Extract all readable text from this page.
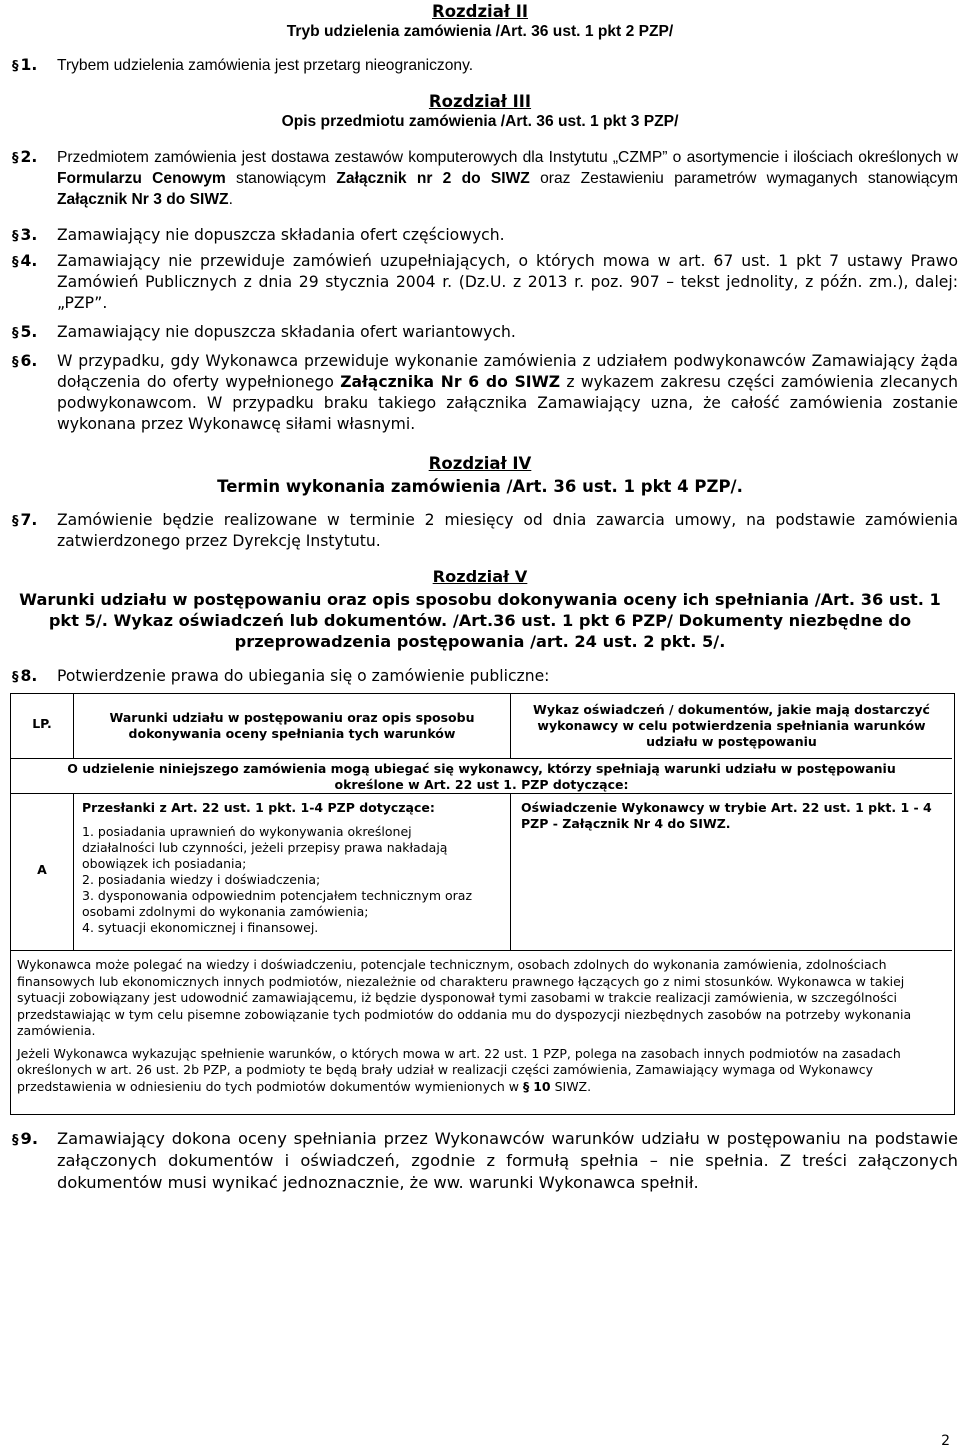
Rozdział II
Tryb udzielenia zamówienia /Art. 36 ust. 1 pkt 2 PZP/
§ 1. Trybem udzielenia zamówienia jest przetarg nieograniczony.
Rozdział III
Opis przedmiotu zamówienia /Art. 36 ust. 1 pkt 3 PZP/
§ 2. Przedmiotem zamówienia jest dostawa zestawów komputerowych dla Instytutu „CZMP” o asortymencie i ilościach określonych w Formularzu Cenowym stanowiącym Załącznik nr 2 do SIWZ oraz Zestawieniu parametrów wymaganych stanowiącym Załącznik Nr 3 do SIWZ.
§ 3. Zamawiający nie dopuszcza składania ofert częściowych.
§ 4. Zamawiający nie przewiduje zamówień uzupełniających, o których mowa w art. 67 ust. 1 pkt 7 ustawy Prawo Zamówień Publicznych z dnia 29 stycznia 2004 r. (Dz.U. z 2013 r. poz. 907 – tekst jednolity, z późn. zm.), dalej: „PZP”.
§ 5. Zamawiający nie dopuszcza składania ofert wariantowych.
§ 6. W przypadku, gdy Wykonawca przewiduje wykonanie zamówienia z udziałem podwykonawców Zamawiający żąda dołączenia do oferty wypełnionego Załącznika Nr 6 do SIWZ z wykazem zakresu części zamówienia zlecanych podwykonawcom. W przypadku braku takiego załącznika Zamawiający uzna, że całość zamówienia zostanie wykonana przez Wykonawcę siłami własnymi.
Rozdział IV
Termin wykonania zamówienia /Art. 36 ust. 1 pkt 4 PZP/.
§ 7. Zamówienie będzie realizowane w terminie 2 miesięcy od dnia zawarcia umowy, na podstawie zamówienia zatwierdzonego przez Dyrekcję Instytutu.
Rozdział V
Warunki udziału w postępowaniu oraz opis sposobu dokonywania oceny ich spełniania /Art. 36 ust. 1 pkt 5/. Wykaz oświadczeń lub dokumentów. /Art.36 ust. 1 pkt 6 PZP/ Dokumenty niezbędne do przeprowadzenia postępowania /art. 24 ust. 2 pkt. 5/.
§ 8. Potwierdzenie prawa do ubiegania się o zamówienie publiczne:
LP.	Warunki udziału w postępowaniu oraz opis sposobu dokonywania oceny spełniania tych warunków
Wykaz oświadczeń / dokumentów, jakie mają dostarczyć wykonawcy w celu potwierdzenia spełniania warunków udziału w postępowaniu
O udzielenie niniejszego zamówienia mogą ubiegać się wykonawcy, którzy spełniają warunki udziału w postępowaniu określone w Art. 22 ust 1. PZP dotyczące:
A
Przesłanki z Art. 22 ust. 1 pkt. 1-4 PZP dotyczące:
1. posiadania uprawnień do wykonywania określonej działalności lub czynności, jeżeli przepisy prawa nakładają obowiązek ich posiadania;
2. posiadania wiedzy i doświadczenia;
3. dysponowania odpowiednim potencjałem technicznym oraz osobami zdolnymi do wykonania zamówienia;
4. sytuacji ekonomicznej i finansowej.
Oświadczenie Wykonawcy w trybie Art. 22 ust. 1 pkt. 1 - 4 PZP - Załącznik Nr 4 do SIWZ.
Wykonawca może polegać na wiedzy i doświadczeniu, potencjale technicznym, osobach zdolnych do wykonania zamówienia, zdolnościach finansowych lub ekonomicznych innych podmiotów, niezależnie od charakteru prawnego łączących go z nimi stosunków. Wykonawca w takiej sytuacji zobowiązany jest udowodnić zamawiającemu, iż będzie dysponował tymi zasobami w trakcie realizacji zamówienia, w szczególności przedstawiając w tym celu pisemne zobowiązanie tych podmiotów do oddania mu do dyspozycji niezbędnych zasobów na potrzeby wykonania zamówienia.
Jeżeli Wykonawca wykazując spełnienie warunków, o których mowa w art. 22 ust. 1 PZP, polega na zasobach innych podmiotów na zasadach określonych w art. 26 ust. 2b PZP, a podmioty te będą brały udział w realizacji części zamówienia, Zamawiający wymaga od Wykonawcy przedstawienia w odniesieniu do tych podmiotów dokumentów wymienionych w § 10 SIWZ.
§ 9. Zamawiający dokona oceny spełniania przez Wykonawców warunków udziału w postępowaniu na podstawie załączonych dokumentów i oświadczeń, zgodnie z formułą spełnia – nie spełnia. Z treści załączonych dokumentów musi wynikać jednoznacznie, że ww. warunki Wykonawca spełnił.
2
